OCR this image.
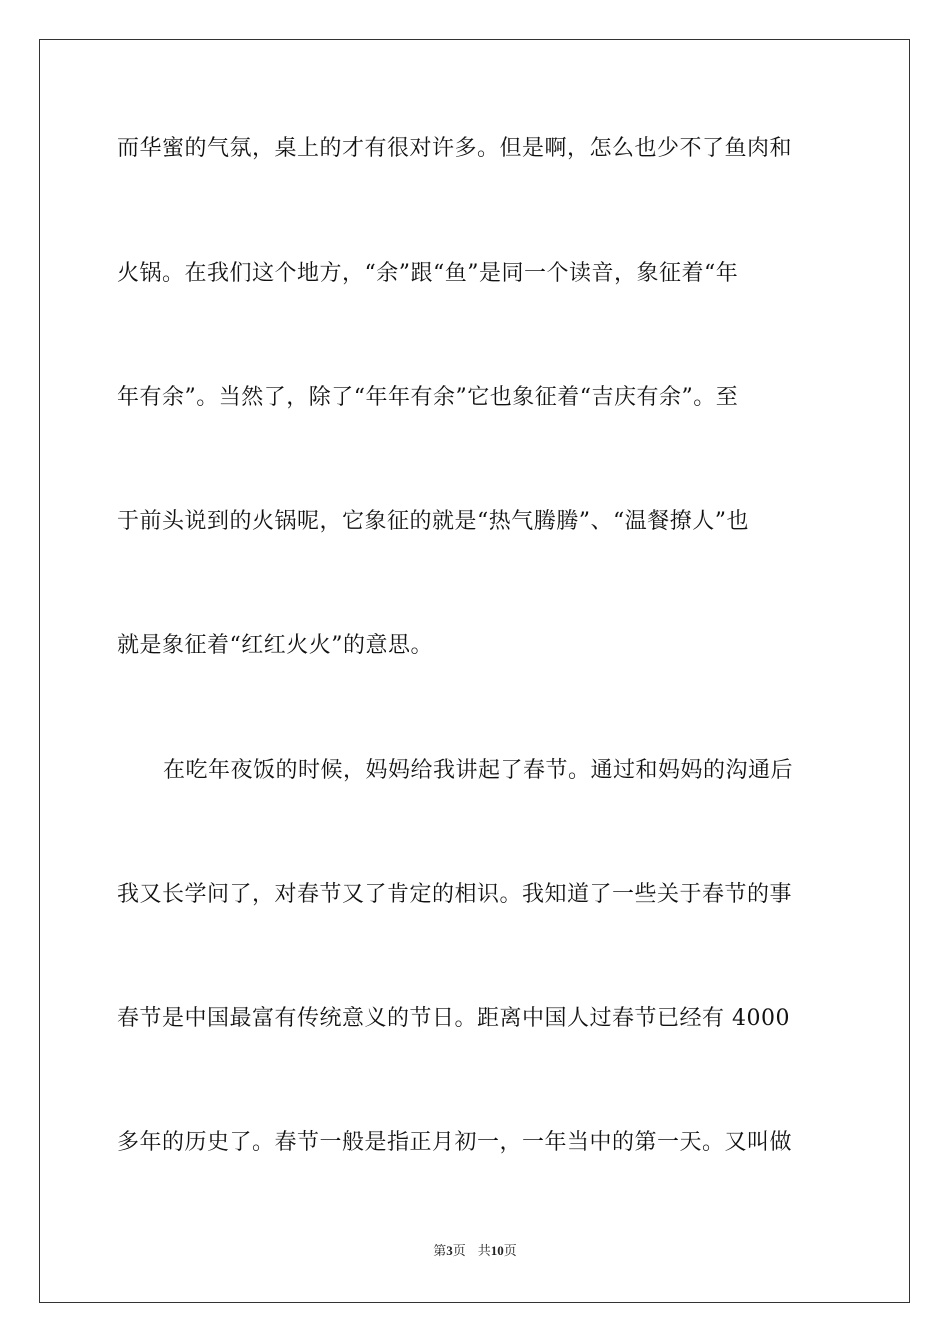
而华蜜的气氛，桌上的才有很对许多。但是啊，怎么也少不了鱼肉和
火锅。在我们这个地方，“余”跟“鱼”是同一个读音，象征着“年
年有余”。当然了，除了“年年有余”它也象征着“吉庆有余”。至
于前头说到的火锅呢，它象征的就是“热气腾腾”、“温餐撩人”也
就是象征着“红红火火”的意思。
在吃年夜饭的时候，妈妈给我讲起了春节。通过和妈妈的沟通后
我又长学问了，对春节又了肯定的相识。我知道了一些关于春节的事
春节是中国最富有传统意义的节日。距离中国人过春节已经有 4000
多年的历史了。春节一般是指正月初一，一年当中的第一天。又叫做
第3页 共10页
